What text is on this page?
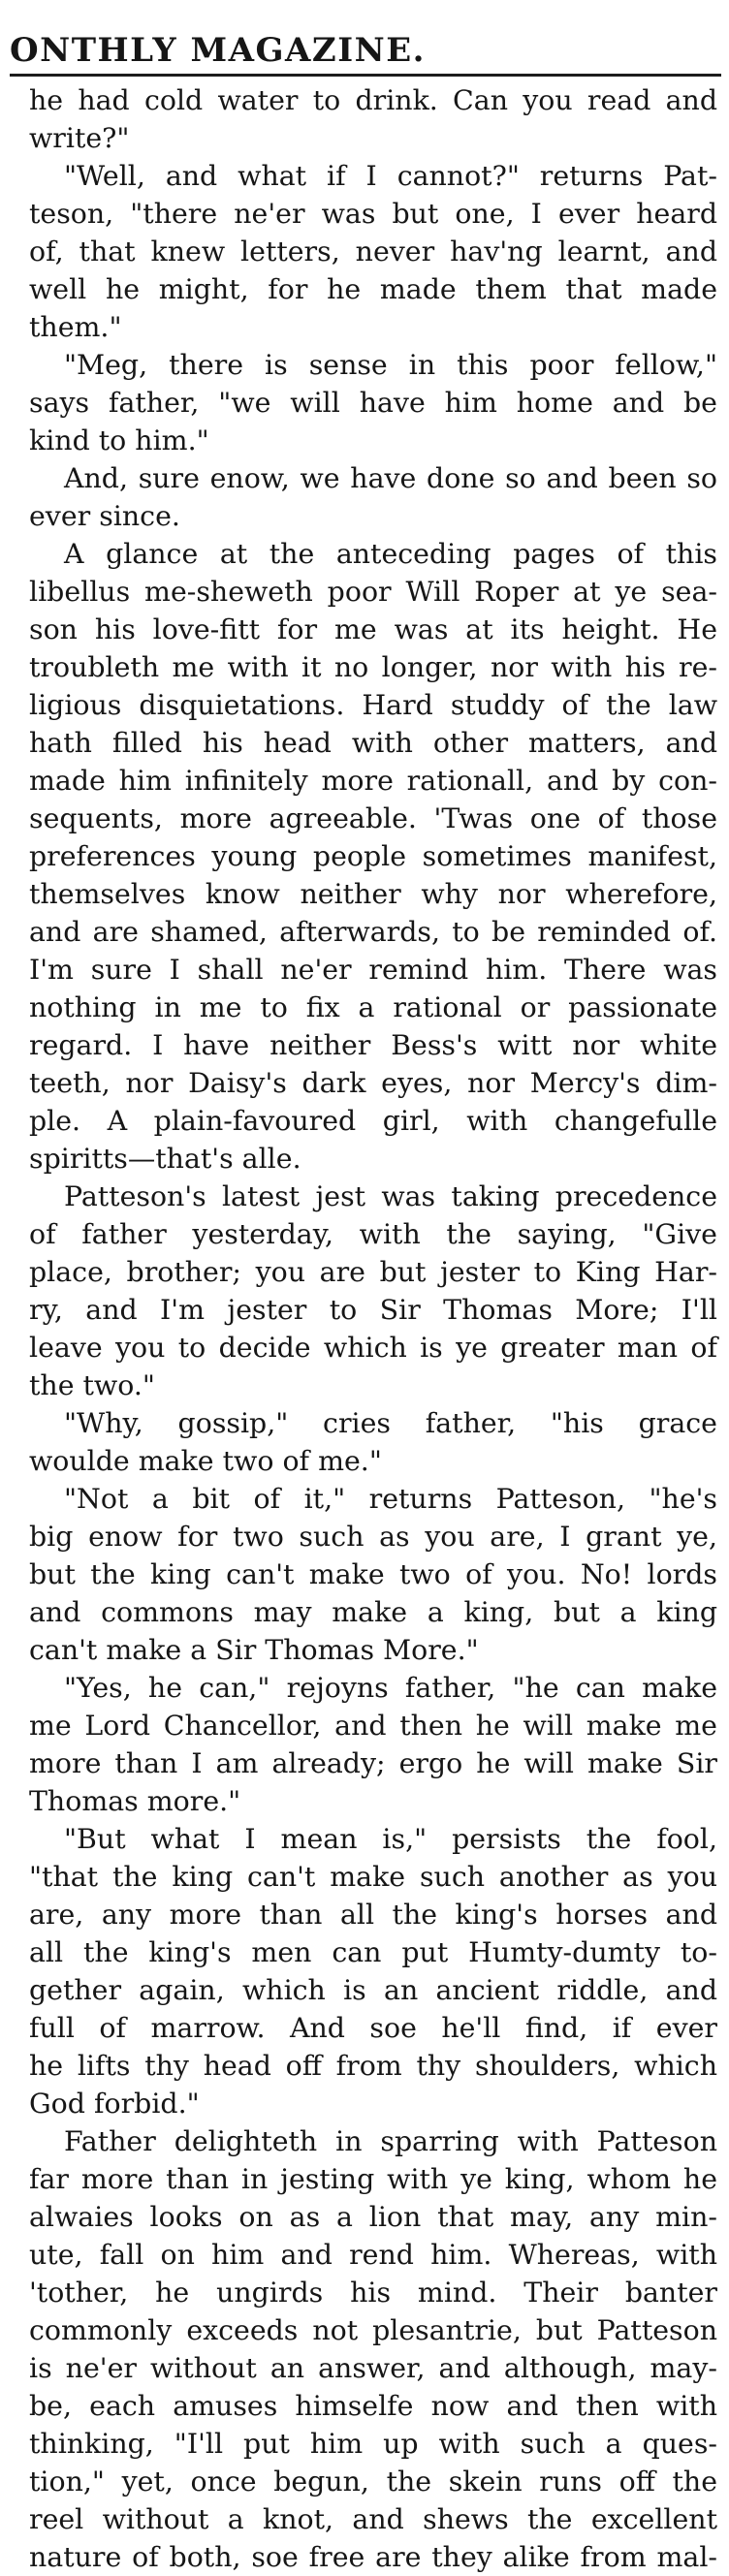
ONTHLY MAGAZINE.
he had cold water to drink. Can you read and
write?"
"Well, and what if I cannot?" returns Pat-
teson, "there ne'er was but one, I ever heard
of, that knew letters, never hav'ng learnt, and
well he might, for he made them that made
them."
"Meg, there is sense in this poor fellow,"
says father, "we will have him home and be
kind to him."
And, sure enow, we have done so and been so
ever since.
A glance at the anteceding pages of this
libellus me-sheweth poor Will Roper at ye sea-
son his love-fitt for me was at its height. He
troubleth me with it no longer, nor with his re-
ligious disquietations. Hard studdy of the law
hath filled his head with other matters, and
made him infinitely more rationall, and by con-
sequents, more agreeable. 'Twas one of those
preferences young people sometimes manifest,
themselves know neither why nor wherefore,
and are shamed, afterwards, to be reminded of.
I'm sure I shall ne'er remind him. There was
nothing in me to fix a rational or passionate
regard. I have neither Bess's witt nor white
teeth, nor Daisy's dark eyes, nor Mercy's dim-
ple. A plain-favoured girl, with changefulle
spiritts—that's alle.
Patteson's latest jest was taking precedence
of father yesterday, with the saying, "Give
place, brother; you are but jester to King Har-
ry, and I'm jester to Sir Thomas More; I'll
leave you to decide which is ye greater man of
the two."
"Why, gossip," cries father, "his grace
woulde make two of me."
"Not a bit of it," returns Patteson, "he's
big enow for two such as you are, I grant ye,
but the king can't make two of you. No! lords
and commons may make a king, but a king
can't make a Sir Thomas More."
"Yes, he can," rejoyns father, "he can make
me Lord Chancellor, and then he will make me
more than I am already; ergo he will make Sir
Thomas more."
"But what I mean is," persists the fool,
"that the king can't make such another as you
are, any more than all the king's horses and
all the king's men can put Humty-dumty to-
gether again, which is an ancient riddle, and
full of marrow. And soe he'll find, if ever
he lifts thy head off from thy shoulders, which
God forbid."
Father delighteth in sparring with Patteson
far more than in jesting with ye king, whom he
alwaies looks on as a lion that may, any min-
ute, fall on him and rend him. Whereas, with
'tother, he ungirds his mind. Their banter
commonly exceeds not plesantrie, but Patteson
is ne'er without an answer, and although, may-
be, each amuses himselfe now and then with
thinking, "I'll put him up with such a ques-
tion," yet, once begun, the skein runs off the
reel without a knot, and shews the excellent
nature of both, soe free are they alike from mal-
